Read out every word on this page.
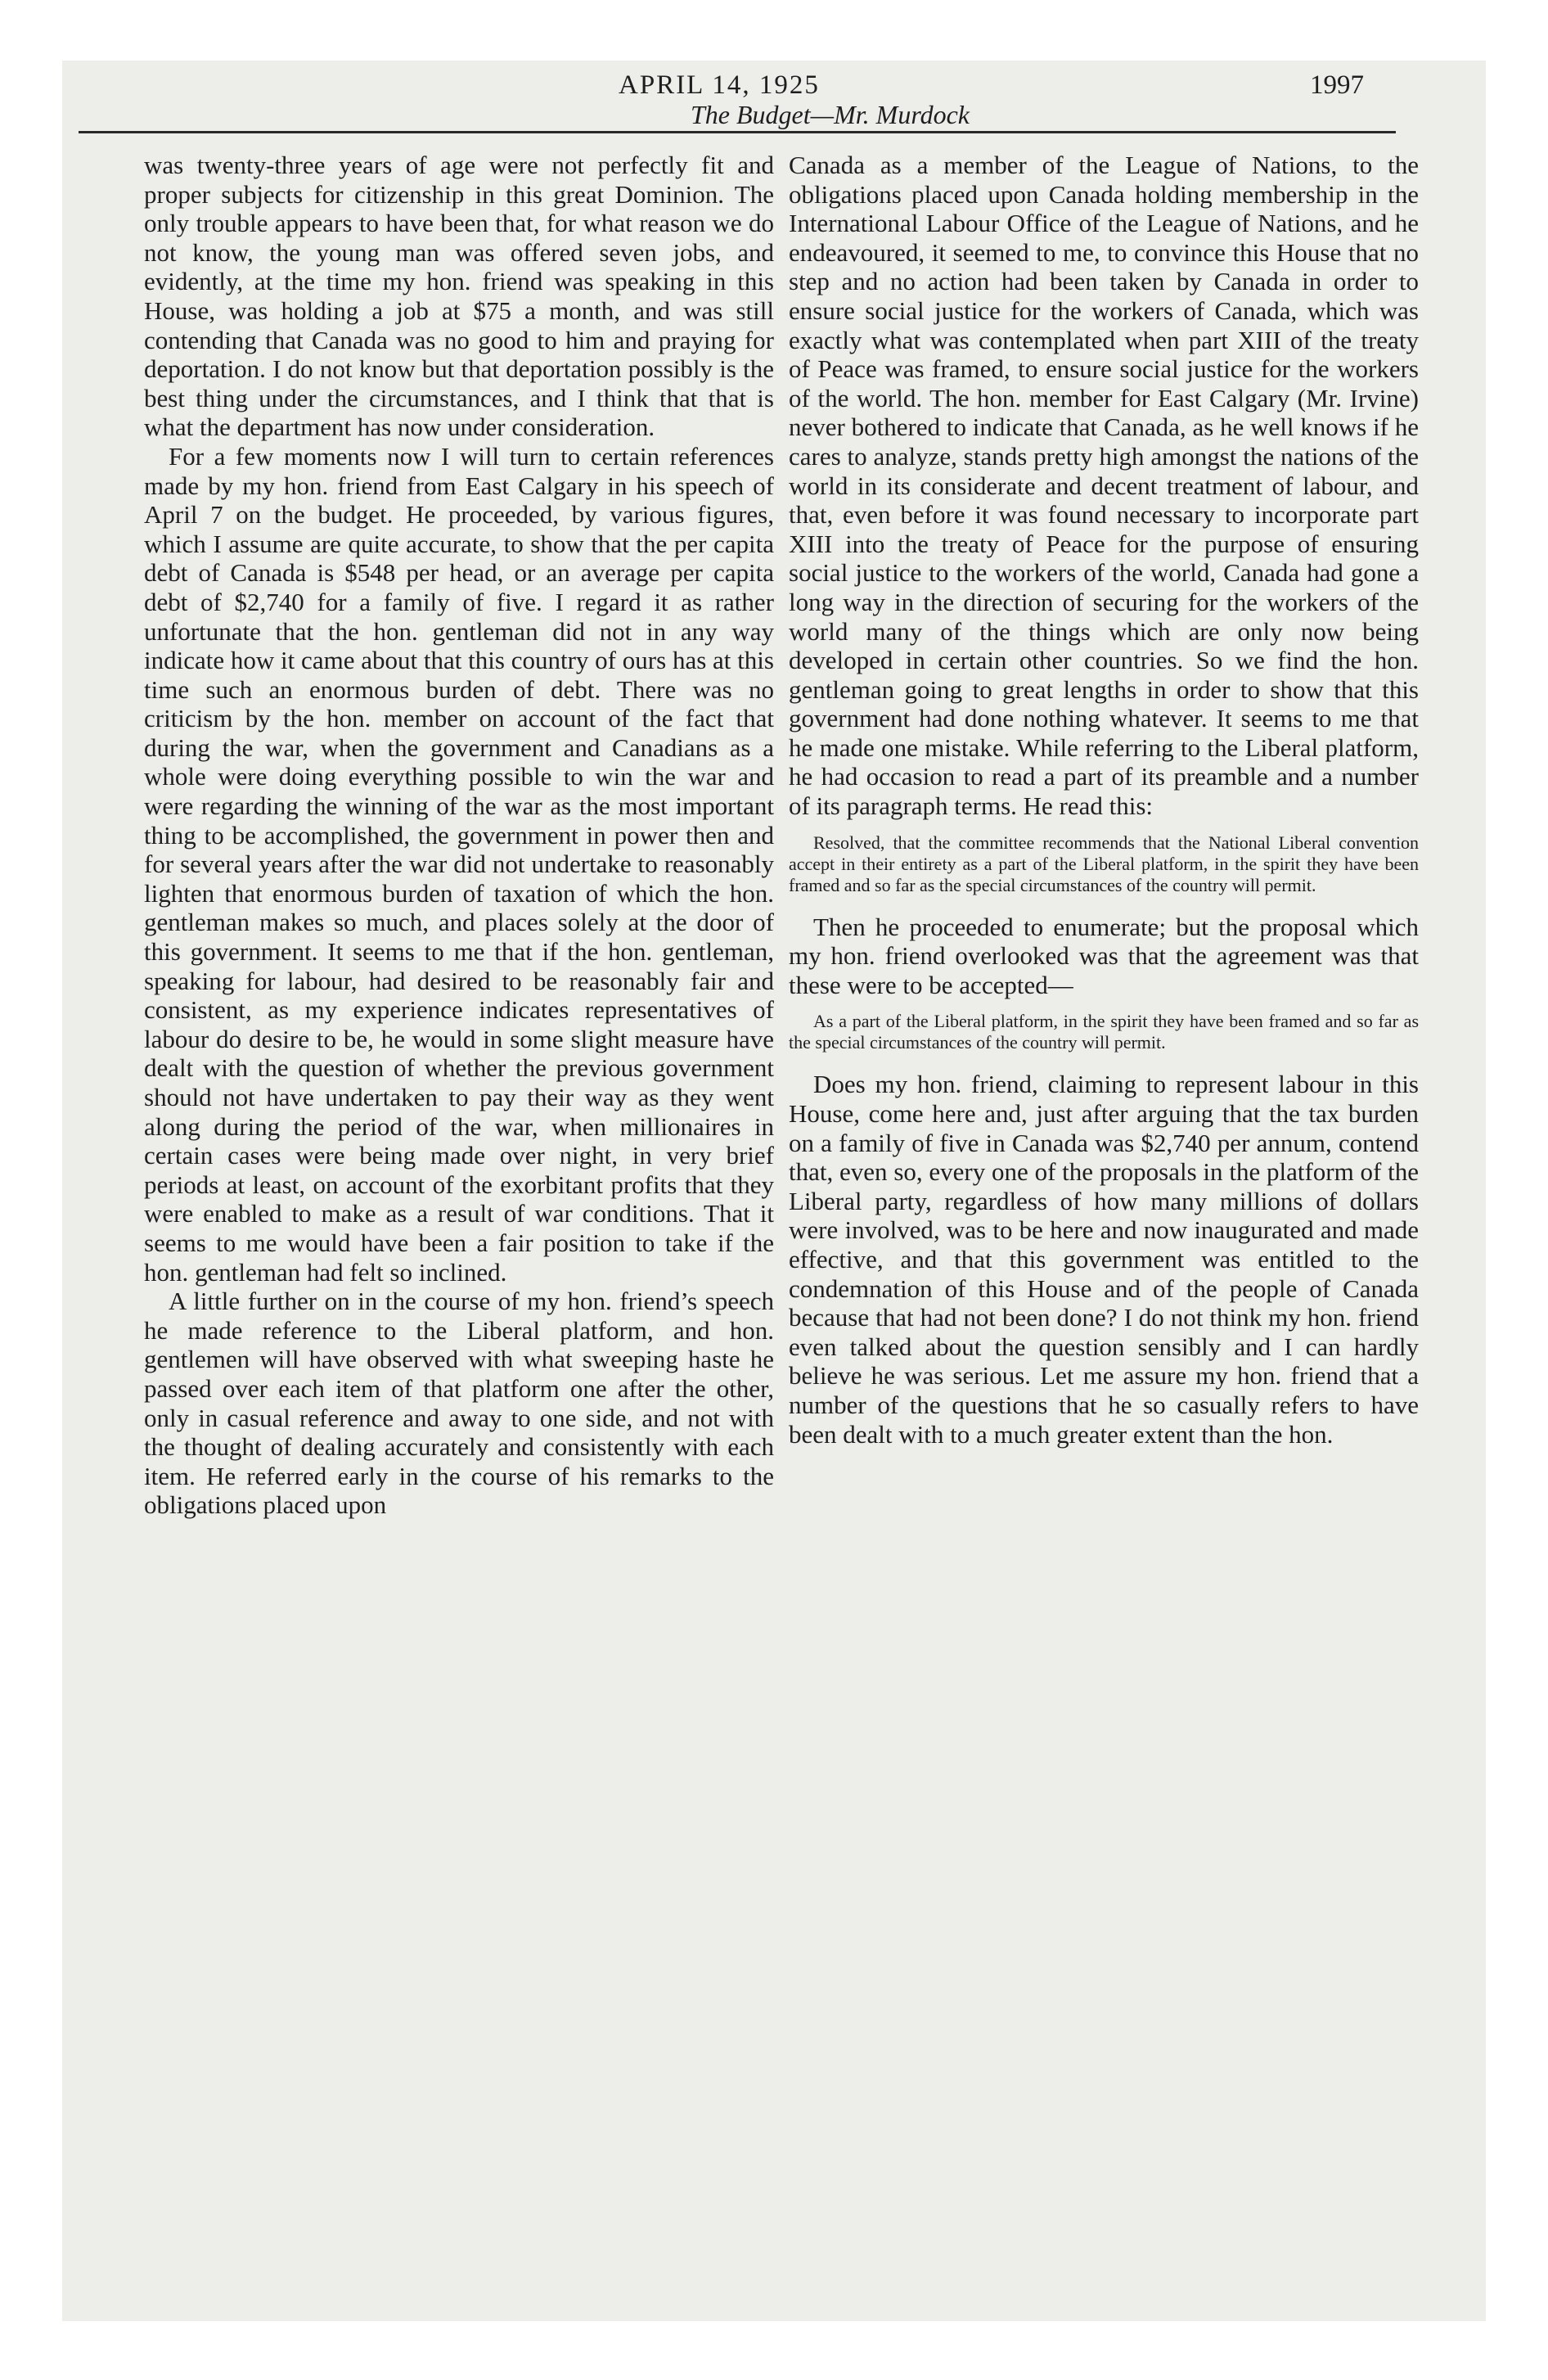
APRIL 14, 1925	1997
The Budget—Mr. Murdock

was twenty-three years of age were not perfectly fit and proper subjects for citizenship in this great Dominion. The only trouble appears to have been that, for what reason we do not know, the young man was offered seven jobs, and evidently, at the time my hon. friend was speaking in this House, was holding a job at $75 a month, and was still contending that Canada was no good to him and praying for deportation. I do not know but that deportation possibly is the best thing under the circumstances, and I think that that is what the department has now under consideration.

For a few moments now I will turn to certain references made by my hon. friend from East Calgary in his speech of April 7 on the budget. He proceeded, by various figures, which I assume are quite accurate, to show that the per capita debt of Canada is $548 per head, or an average per capita debt of $2,740 for a family of five. I regard it as rather unfortunate that the hon. gentleman did not in any way indicate how it came about that this country of ours has at this time such an enormous burden of debt. There was no criticism by the hon. member on account of the fact that during the war, when the government and Canadians as a whole were doing everything possible to win the war and were regarding the winning of the war as the most important thing to be accomplished, the government in power then and for several years after the war did not undertake to reasonably lighten that enormous burden of taxation of which the hon. gentleman makes so much, and places solely at the door of this government. It seems to me that if the hon. gentleman, speaking for labour, had desired to be reasonably fair and consistent, as my experience indicates representatives of labour do desire to be, he would in some slight measure have dealt with the question of whether the previous government should not have undertaken to pay their way as they went along during the period of the war, when millionaires in certain cases were being made over night, in very brief periods at least, on account of the exorbitant profits that they were enabled to make as a result of war conditions. That it seems to me would have been a fair position to take if the hon. gentleman had felt so inclined.

A little further on in the course of my hon. friend’s speech he made reference to the Liberal platform, and hon. gentlemen will have observed with what sweeping haste he passed over each item of that platform one after the other, only in casual reference and away to one side, and not with the thought of dealing accurately and consistently with each item. He referred early in the course of his remarks to the obligations placed upon

Canada as a member of the League of Nations, to the obligations placed upon Canada holding membership in the International Labour Office of the League of Nations, and he endeavoured, it seemed to me, to convince this House that no step and no action had been taken by Canada in order to ensure social justice for the workers of Canada, which was exactly what was contemplated when part XIII of the treaty of Peace was framed, to ensure social justice for the workers of the world. The hon. member for East Calgary (Mr. Irvine) never bothered to indicate that Canada, as he well knows if he cares to analyze, stands pretty high amongst the nations of the world in its considerate and decent treatment of labour, and that, even before it was found necessary to incorporate part XIII into the treaty of Peace for the purpose of ensuring social justice to the workers of the world, Canada had gone a long way in the direction of securing for the workers of the world many of the things which are only now being developed in certain other countries. So we find the hon. gentleman going to great lengths in order to show that this government had done nothing whatever. It seems to me that he made one mistake. While referring to the Liberal platform, he had occasion to read a part of its preamble and a number of its paragraph terms. He read this:

Resolved, that the committee recommends that the National Liberal convention accept in their entirety as a part of the Liberal platform, in the spirit they have been framed and so far as the special circumstances of the country will permit.

Then he proceeded to enumerate; but the proposal which my hon. friend overlooked was that the agreement was that these were to be accepted—

As a part of the Liberal platform, in the spirit they have been framed and so far as the special circumstances of the country will permit.

Does my hon. friend, claiming to represent labour in this House, come here and, just after arguing that the tax burden on a family of five in Canada was $2,740 per annum, contend that, even so, every one of the proposals in the platform of the Liberal party, regardless of how many millions of dollars were involved, was to be here and now inaugurated and made effective, and that this government was entitled to the condemnation of this House and of the people of Canada because that had not been done? I do not think my hon. friend even talked about the question sensibly and I can hardly believe he was serious. Let me assure my hon. friend that a number of the questions that he so casually refers to have been dealt with to a much greater extent than the hon.
